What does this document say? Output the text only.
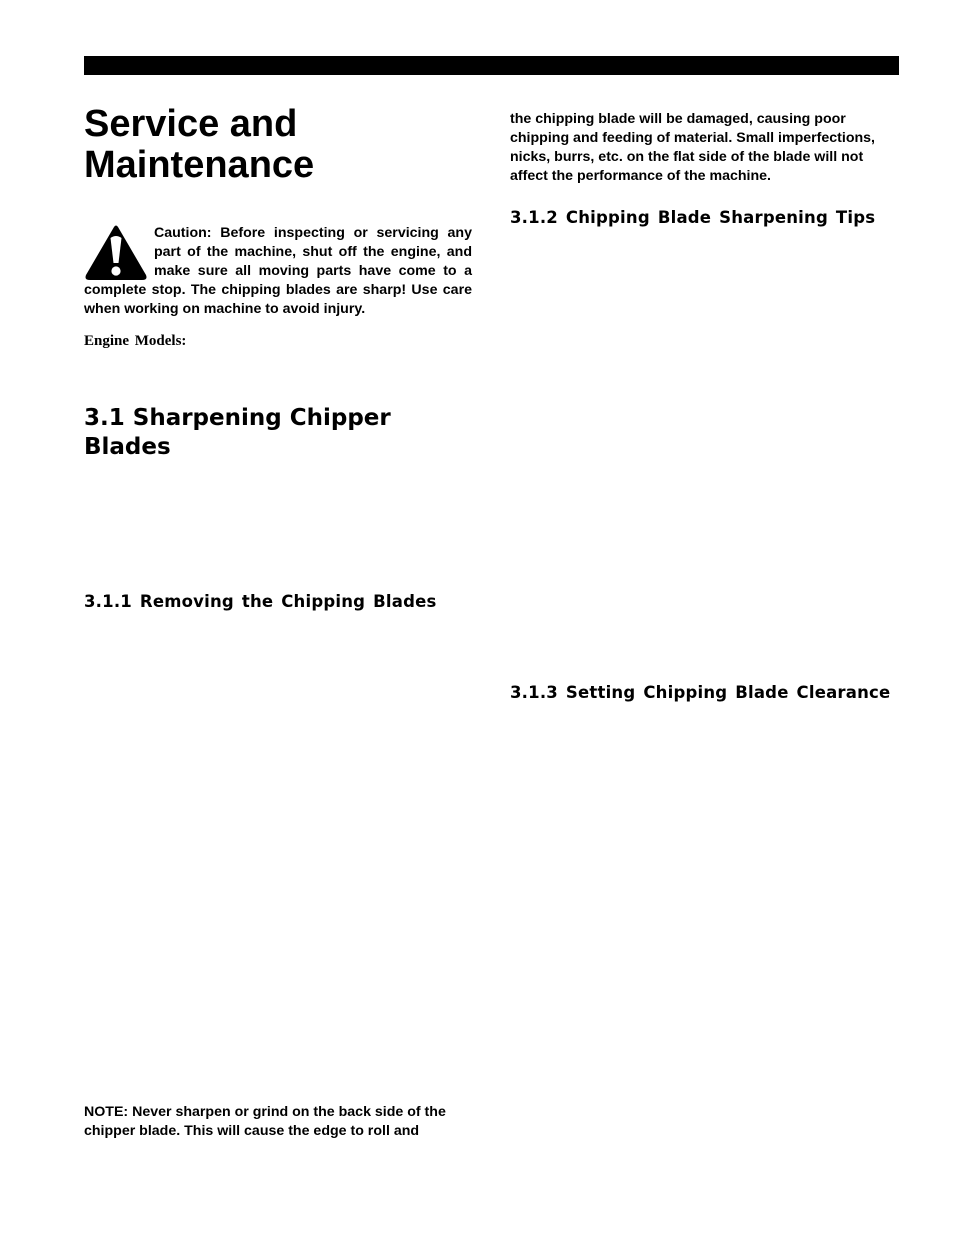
Service and Maintenance
Caution: Before inspecting or servicing any part of the machine, shut off the engine, and make sure all moving parts have come to a complete stop. The chipping blades are sharp! Use care when working on machine to avoid injury.
Engine Models:
3.1 Sharpening Chipper Blades
3.1.1 Removing the Chipping Blades

NOTE: Never sharpen or grind on the back side of the chipper blade. This will cause the edge to roll and

the chipping blade will be damaged, causing poor chipping and feeding of material. Small imperfections, nicks, burrs, etc. on the flat side of the blade will not affect the performance of the machine.

3.1.2 Chipping Blade Sharpening Tips
3.1.3 Setting Chipping Blade Clearance
